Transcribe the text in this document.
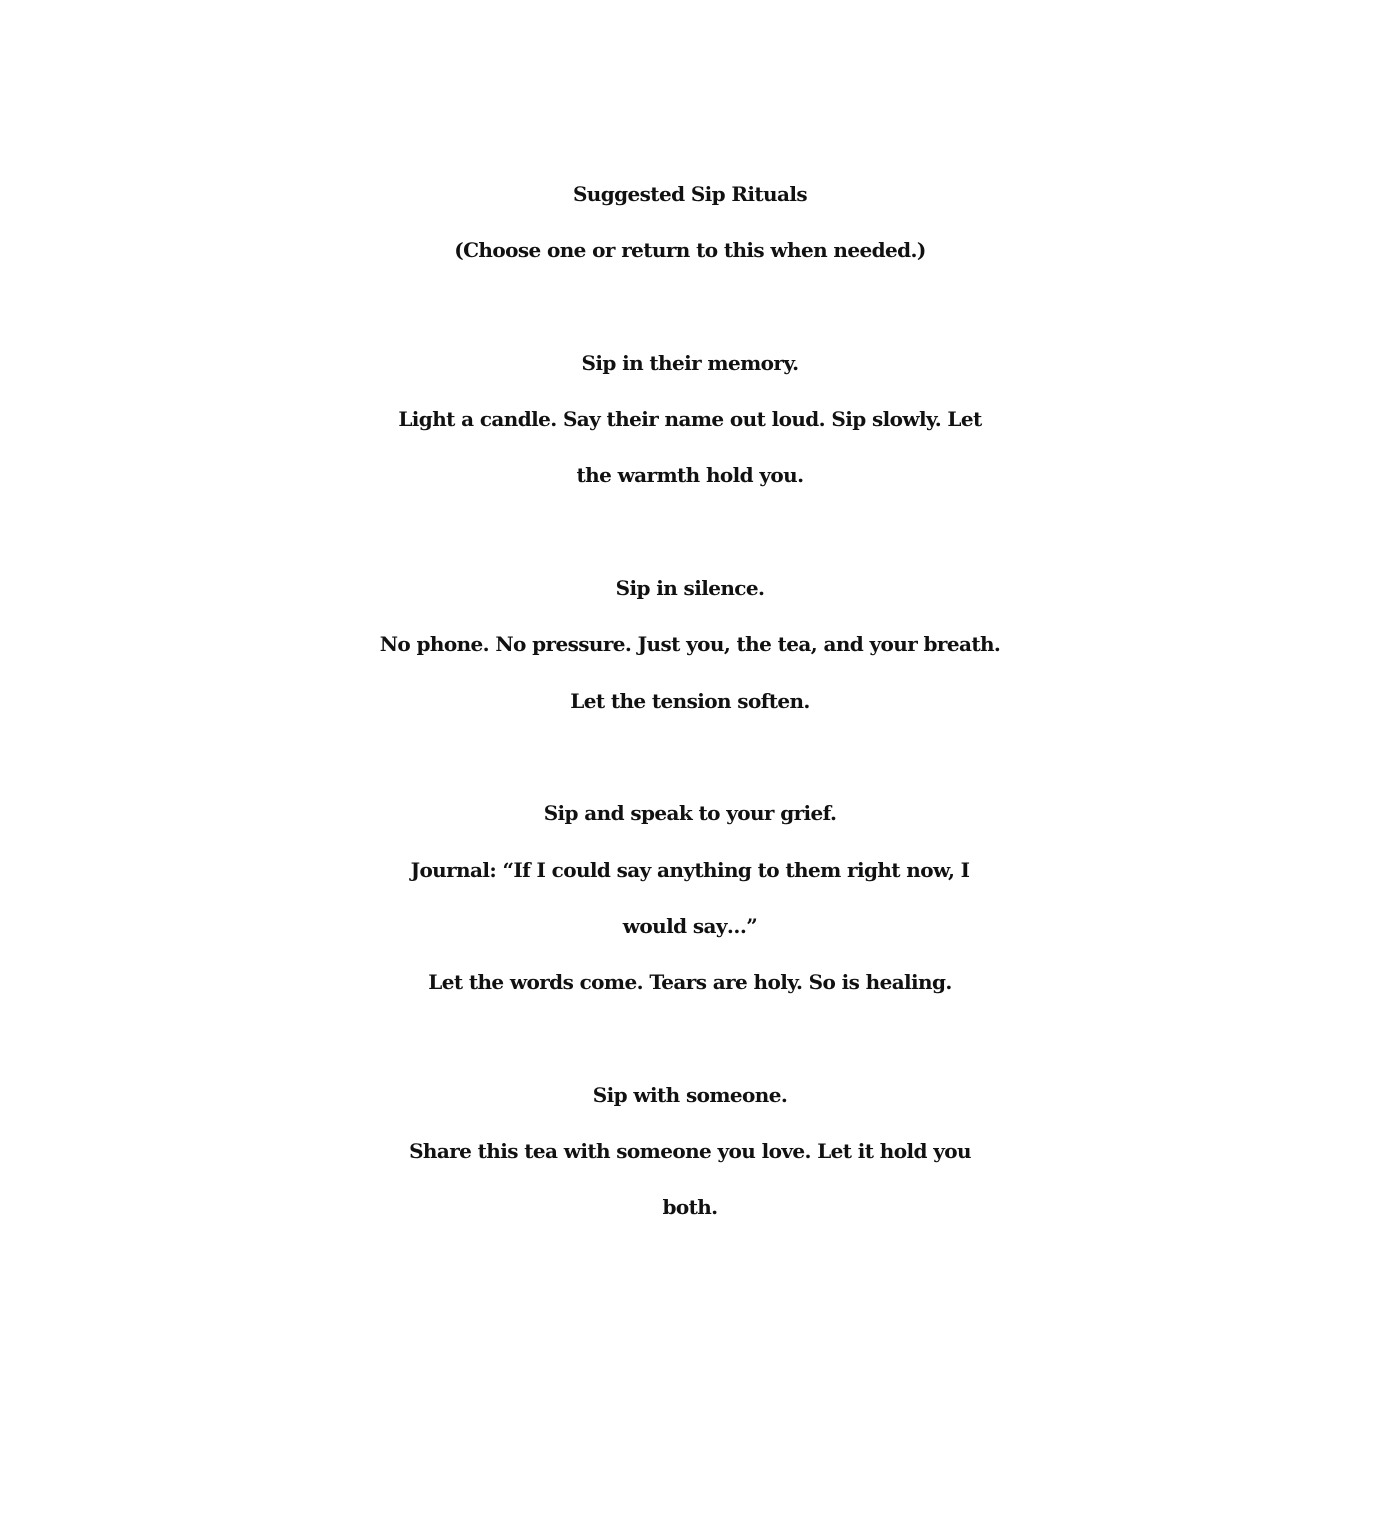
Suggested Sip Rituals
(Choose one or return to this when needed.)
Sip in their memory.
Light a candle. Say their name out loud. Sip slowly. Let
the warmth hold you.
Sip in silence.
No phone. No pressure. Just you, the tea, and your breath.
Let the tension soften.
Sip and speak to your grief.
Journal: “If I could say anything to them right now, I
would say…”
Let the words come. Tears are holy. So is healing.
Sip with someone.
Share this tea with someone you love. Let it hold you
both.
